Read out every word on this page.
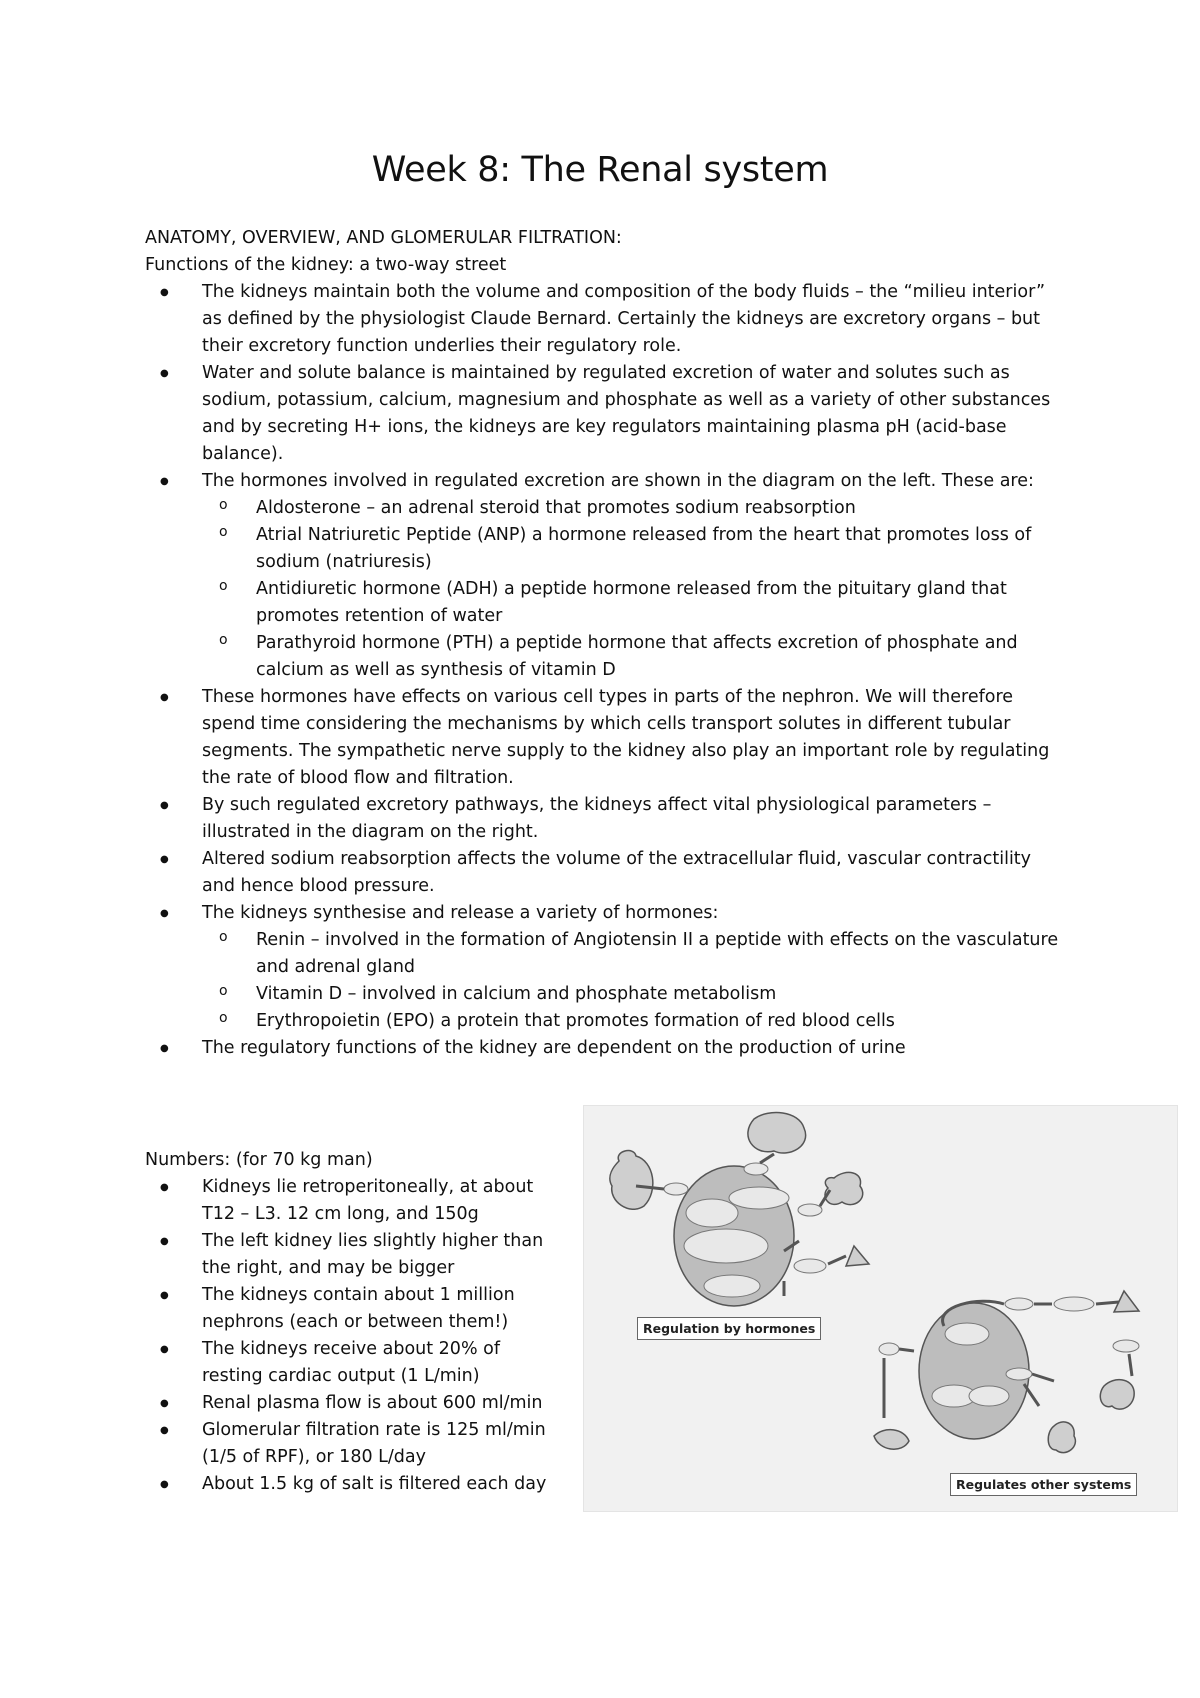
Week 8: The Renal system
ANATOMY, OVERVIEW, AND GLOMERULAR FILTRATION:
Functions of the kidney: a two-way street
● The kidneys maintain both the volume and composition of the body fluids – the “milieu interior” as defined by the physiologist Claude Bernard. Certainly the kidneys are excretory organs – but their excretory function underlies their regulatory role.
● Water and solute balance is maintained by regulated excretion of water and solutes such as sodium, potassium, calcium, magnesium and phosphate as well as a variety of other substances and by secreting H+ ions, the kidneys are key regulators maintaining plasma pH (acid-base balance).
● The hormones involved in regulated excretion are shown in the diagram on the left. These are:
o Aldosterone – an adrenal steroid that promotes sodium reabsorption
o Atrial Natriuretic Peptide (ANP) a hormone released from the heart that promotes loss of sodium (natriuresis)
o Antidiuretic hormone (ADH) a peptide hormone released from the pituitary gland that promotes retention of water
o Parathyroid hormone (PTH) a peptide hormone that affects excretion of phosphate and calcium as well as synthesis of vitamin D
● These hormones have effects on various cell types in parts of the nephron. We will therefore spend time considering the mechanisms by which cells transport solutes in different tubular segments. The sympathetic nerve supply to the kidney also play an important role by regulating the rate of blood flow and filtration.
● By such regulated excretory pathways, the kidneys affect vital physiological parameters – illustrated in the diagram on the right.
● Altered sodium reabsorption affects the volume of the extracellular fluid, vascular contractility and hence blood pressure.
● The kidneys synthesise and release a variety of hormones:
o Renin – involved in the formation of Angiotensin II a peptide with effects on the vasculature and adrenal gland
o Vitamin D – involved in calcium and phosphate metabolism
o Erythropoietin (EPO) a protein that promotes formation of red blood cells
● The regulatory functions of the kidney are dependent on the production of urine
Numbers: (for 70 kg man)
● Kidneys lie retroperitoneally, at about T12 – L3. 12 cm long, and 150g
● The left kidney lies slightly higher than the right, and may be bigger
● The kidneys contain about 1 million nephrons (each or between them!)
● The kidneys receive about 20% of resting cardiac output (1 L/min)
● Renal plasma flow is about 600 ml/min
● Glomerular filtration rate is 125 ml/min (1/5 of RPF), or 180 L/day
● About 1.5 kg of salt is filtered each day
Regulation by hormones
Regulates other systems
